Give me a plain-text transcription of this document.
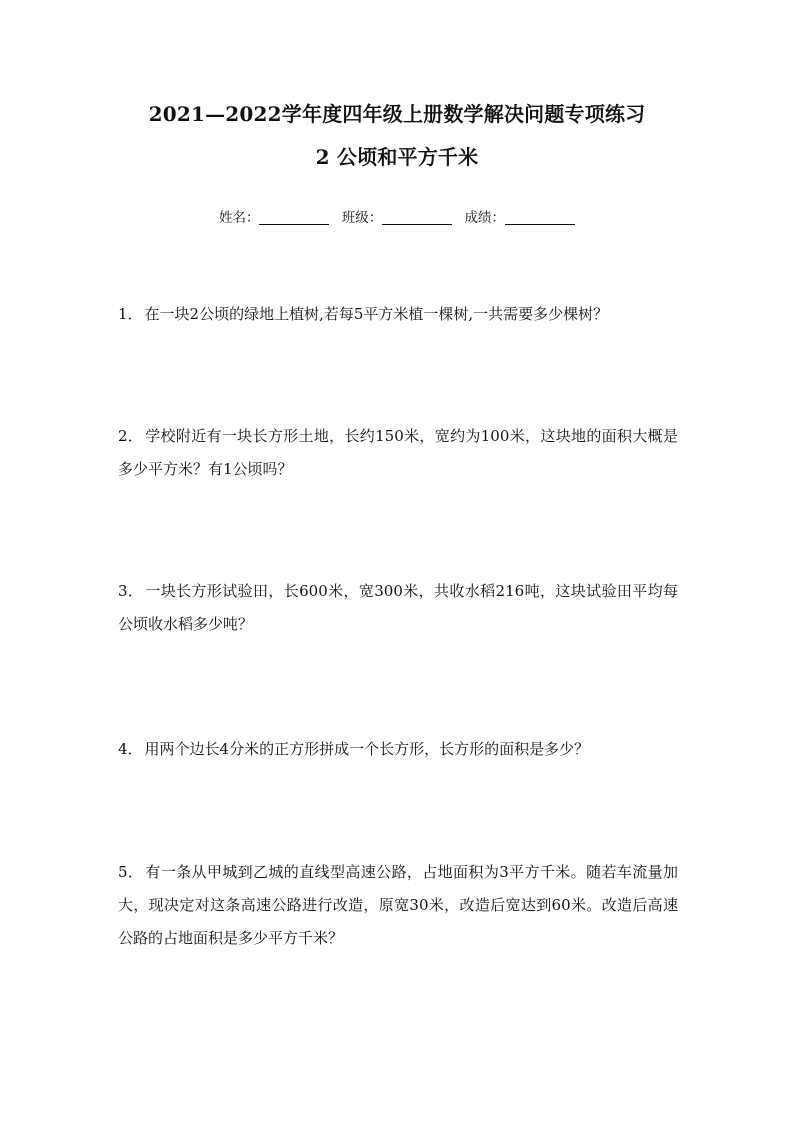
2021—2022学年度四年级上册数学解决问题专项练习
2 公顷和平方千米
姓名：	班级：	成绩：
1． 在一块2公顷的绿地上植树,若每5平方米植一棵树,一共需要多少棵树？
2． 学校附近有一块长方形土地，长约150米，宽约为100米，这块地的面积大概是多少平方米？有1公顷吗？
3． 一块长方形试验田，长600米，宽300米，共收水稻216吨，这块试验田平均每公顷收水稻多少吨？
4． 用两个边长4分米的正方形拼成一个长方形，长方形的面积是多少？
5． 有一条从甲城到乙城的直线型高速公路，占地面积为3平方千米。随若车流量加大，现决定对这条高速公路进行改造，原宽30米，改造后宽达到60米。改造后高速公路的占地面积是多少平方千米？
